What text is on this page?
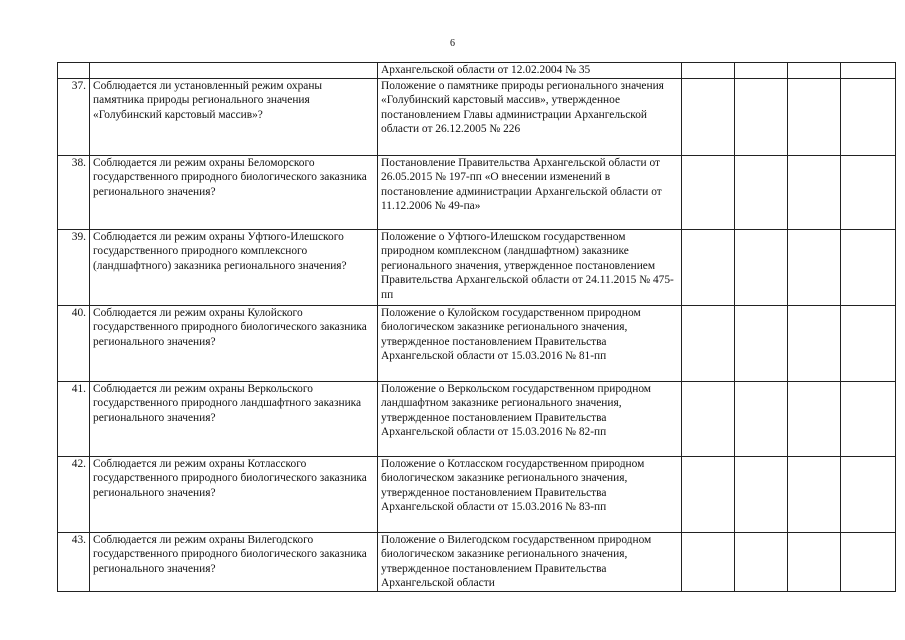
6

		Архангельской области от 12.02.2004 № 35				

37.	Соблюдается ли установленный режим охраны памятника природы регионального значения «Голубинский карстовый массив»?	Положение о памятнике природы регионального значения «Голубинский карстовый массив», утвержденное постановлением Главы администрации Архангельской области от 26.12.2005 № 226				

38.	Соблюдается ли режим охраны Беломорского государственного природного биологического заказника регионального значения?	Постановление Правительства Архангельской области от 26.05.2015 № 197-пп «О внесении изменений в постановление администрации Архангельской области от 11.12.2006 № 49-па»				

39.	Соблюдается ли режим охраны Уфтюго-Илешского государственного природного комплексного (ландшафтного) заказника регионального значения?	Положение о Уфтюго-Илешском государственном природном комплексном (ландшафтном) заказнике регионального значения, утвержденное постановлением Правительства Архангельской области от 24.11.2015 № 475-пп				

40.	Соблюдается ли режим охраны Кулойского государственного природного биологического заказника регионального значения?	Положение о Кулойском государственном природном биологическом заказнике регионального значения, утвержденное постановлением Правительства Архангельской области от 15.03.2016 № 81-пп				

41.	Соблюдается ли режим охраны Веркольского государственного природного ландшафтного заказника регионального значения?	Положение о Веркольском государственном природном ландшафтном заказнике регионального значения, утвержденное постановлением Правительства Архангельской области от 15.03.2016 № 82-пп				

42.	Соблюдается ли режим охраны Котласского государственного природного биологического заказника регионального значения?	Положение о Котласском государственном природном биологическом заказнике регионального значения, утвержденное постановлением Правительства Архангельской области от 15.03.2016 № 83-пп				

43.	Соблюдается ли режим охраны Вилегодского государственного природного биологического заказника регионального значения?	Положение о Вилегодском государственном природном биологическом заказнике регионального значения, утвержденное постановлением Правительства Архангельской области				
